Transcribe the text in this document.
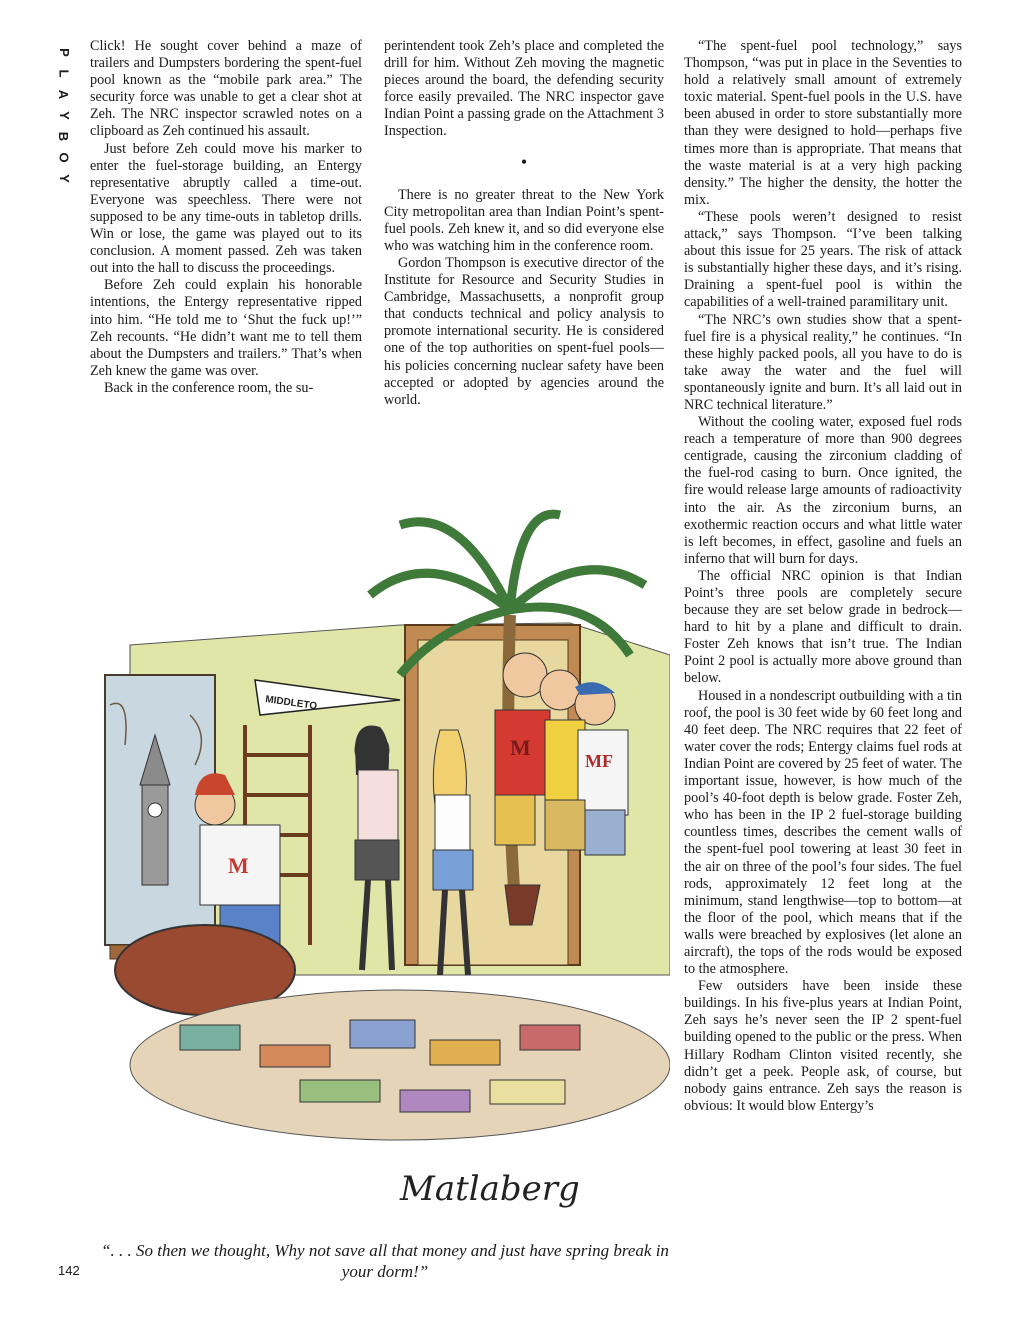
P
L
A
Y
B
O
Y

Click! He sought cover behind a maze of trailers and Dumpsters bordering the spent-fuel pool known as the “mobile park area.” The security force was unable to get a clear shot at Zeh. The NRC inspector scrawled notes on a clipboard as Zeh continued his assault.

Just before Zeh could move his marker to enter the fuel-storage building, an Entergy representative abruptly called a time-out. Everyone was speechless. There were not supposed to be any time-outs in tabletop drills. Win or lose, the game was played out to its conclusion. A moment passed. Zeh was taken out into the hall to discuss the proceedings.

Before Zeh could explain his honorable intentions, the Entergy representative ripped into him. “He told me to ‘Shut the fuck up!’” Zeh recounts. “He didn’t want me to tell them about the Dumpsters and trailers.” That’s when Zeh knew the game was over.

Back in the conference room, the su-

perintendent took Zeh’s place and completed the drill for him. Without Zeh moving the magnetic pieces around the board, the defending security force easily prevailed. The NRC inspector gave Indian Point a passing grade on the Attachment 3 Inspection.

•

There is no greater threat to the New York City metropolitan area than Indian Point’s spent-fuel pools. Zeh knew it, and so did everyone else who was watching him in the conference room.

Gordon Thompson is executive director of the Institute for Resource and Security Studies in Cambridge, Massachusetts, a nonprofit group that conducts technical and policy analysis to promote international security. He is considered one of the top authorities on spent-fuel pools—his policies concerning nuclear safety have been accepted or adopted by agencies around the world.

“The spent-fuel pool technology,” says Thompson, “was put in place in the Seventies to hold a relatively small amount of extremely toxic material. Spent-fuel pools in the U.S. have been abused in order to store substantially more than they were designed to hold—perhaps five times more than is appropriate. That means that the waste material is at a very high packing density.” The higher the density, the hotter the mix.

“These pools weren’t designed to resist attack,” says Thompson. “I’ve been talking about this issue for 25 years. The risk of attack is substantially higher these days, and it’s rising. Draining a spent-fuel pool is within the capabilities of a well-trained paramilitary unit.

“The NRC’s own studies show that a spent-fuel fire is a physical reality,” he continues. “In these highly packed pools, all you have to do is take away the water and the fuel will spontaneously ignite and burn. It’s all laid out in NRC technical literature.”

Without the cooling water, exposed fuel rods reach a temperature of more than 900 degrees centigrade, causing the zirconium cladding of the fuel-rod casing to burn. Once ignited, the fire would release large amounts of radioactivity into the air. As the zirconium burns, an exothermic reaction occurs and what little water is left becomes, in effect, gasoline and fuels an inferno that will burn for days.

The official NRC opinion is that Indian Point’s three pools are completely secure because they are set below grade in bedrock—hard to hit by a plane and difficult to drain. Foster Zeh knows that isn’t true. The Indian Point 2 pool is actually more above ground than below.

Housed in a nondescript outbuilding with a tin roof, the pool is 30 feet wide by 60 feet long and 40 feet deep. The NRC requires that 22 feet of water cover the rods; Entergy claims fuel rods at Indian Point are covered by 25 feet of water. The important issue, however, is how much of the pool’s 40-foot depth is below grade. Foster Zeh, who has been in the IP 2 fuel-storage building countless times, describes the cement walls of the spent-fuel pool towering at least 30 feet in the air on three of the pool’s four sides. The fuel rods, approximately 12 feet long at the minimum, stand lengthwise—top to bottom—at the floor of the pool, which means that if the walls were breached by explosives (let alone an aircraft), the tops of the rods would be exposed to the atmosphere.

Few outsiders have been inside these buildings. In his five-plus years at Indian Point, Zeh says he’s never seen the IP 2 spent-fuel building opened to the public or the press. When Hillary Rodham Clinton visited recently, she didn’t get a peek. People ask, of course, but nobody gains entrance. Zeh says the reason is obvious: It would blow Entergy’s

MIDDLETO
M
MF
M
Matlaberg
“. . . So then we thought, Why not save all that money and just have spring break in your dorm!”
142
